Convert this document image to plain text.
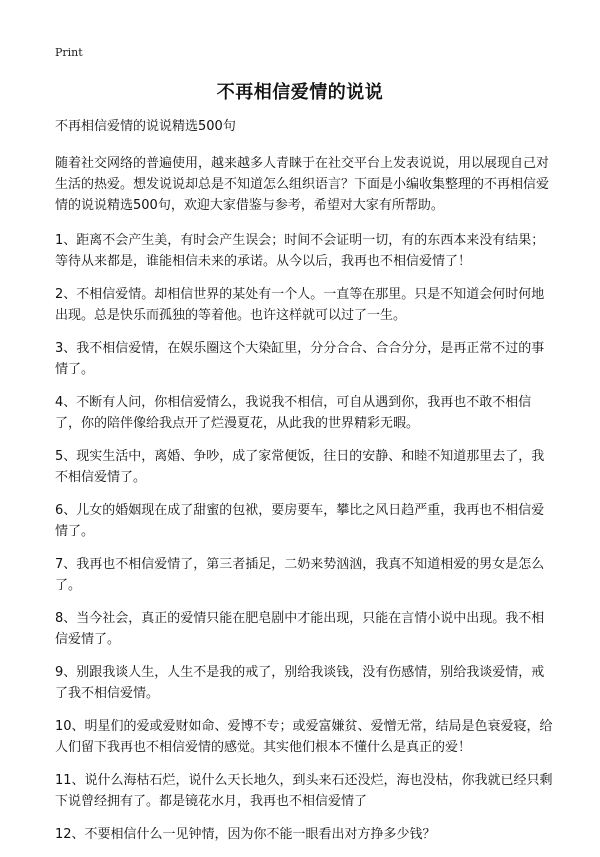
Print
不再相信爱情的说说

不再相信爱情的说说精选500句

随着社交网络的普遍使用，越来越多人青睐于在社交平台上发表说说，用以展现自己对生活的热爱。想发说说却总是不知道怎么组织语言？下面是小编收集整理的不再相信爱情的说说精选500句，欢迎大家借鉴与参考，希望对大家有所帮助。

1、距离不会产生美，有时会产生误会；时间不会证明一切，有的东西本来没有结果；等待从来都是，谁能相信未来的承诺。从今以后，我再也不相信爱情了！

2、不相信爱情。却相信世界的某处有一个人。一直等在那里。只是不知道会何时何地出现。总是快乐而孤独的等着他。也许这样就可以过了一生。

3、我不相信爱情，在娱乐圈这个大染缸里，分分合合、合合分分，是再正常不过的事情了。

4、不断有人问，你相信爱情么，我说我不相信，可自从遇到你，我再也不敢不相信了，你的陪伴像给我点开了烂漫夏花，从此我的世界精彩无暇。

5、现实生活中，离婚、争吵，成了家常便饭，往日的安静、和睦不知道那里去了，我不相信爱情了。

6、儿女的婚姻现在成了甜蜜的包袱，要房要车，攀比之风日趋严重，我再也不相信爱情了。

7、我再也不相信爱情了，第三者插足，二奶来势汹汹，我真不知道相爱的男女是怎么了。

8、当今社会，真正的爱情只能在肥皂剧中才能出现，只能在言情小说中出现。我不相信爱情了。

9、别跟我谈人生，人生不是我的戒了，别给我谈钱，没有伤感情，别给我谈爱情，戒了我不相信爱情。

10、明星们的爱或爱财如命、爱博不专；或爱富嫌贫、爱憎无常，结局是色衰爱寝，给人们留下我再也不相信爱情的感觉。其实他们根本不懂什么是真正的爱！

11、说什么海枯石烂，说什么天长地久，到头来石还没烂，海也没枯，你我就已经只剩下说曾经拥有了。都是镜花水月，我再也不相信爱情了

12、不要相信什么一见钟情，因为你不能一眼看出对方挣多少钱？
